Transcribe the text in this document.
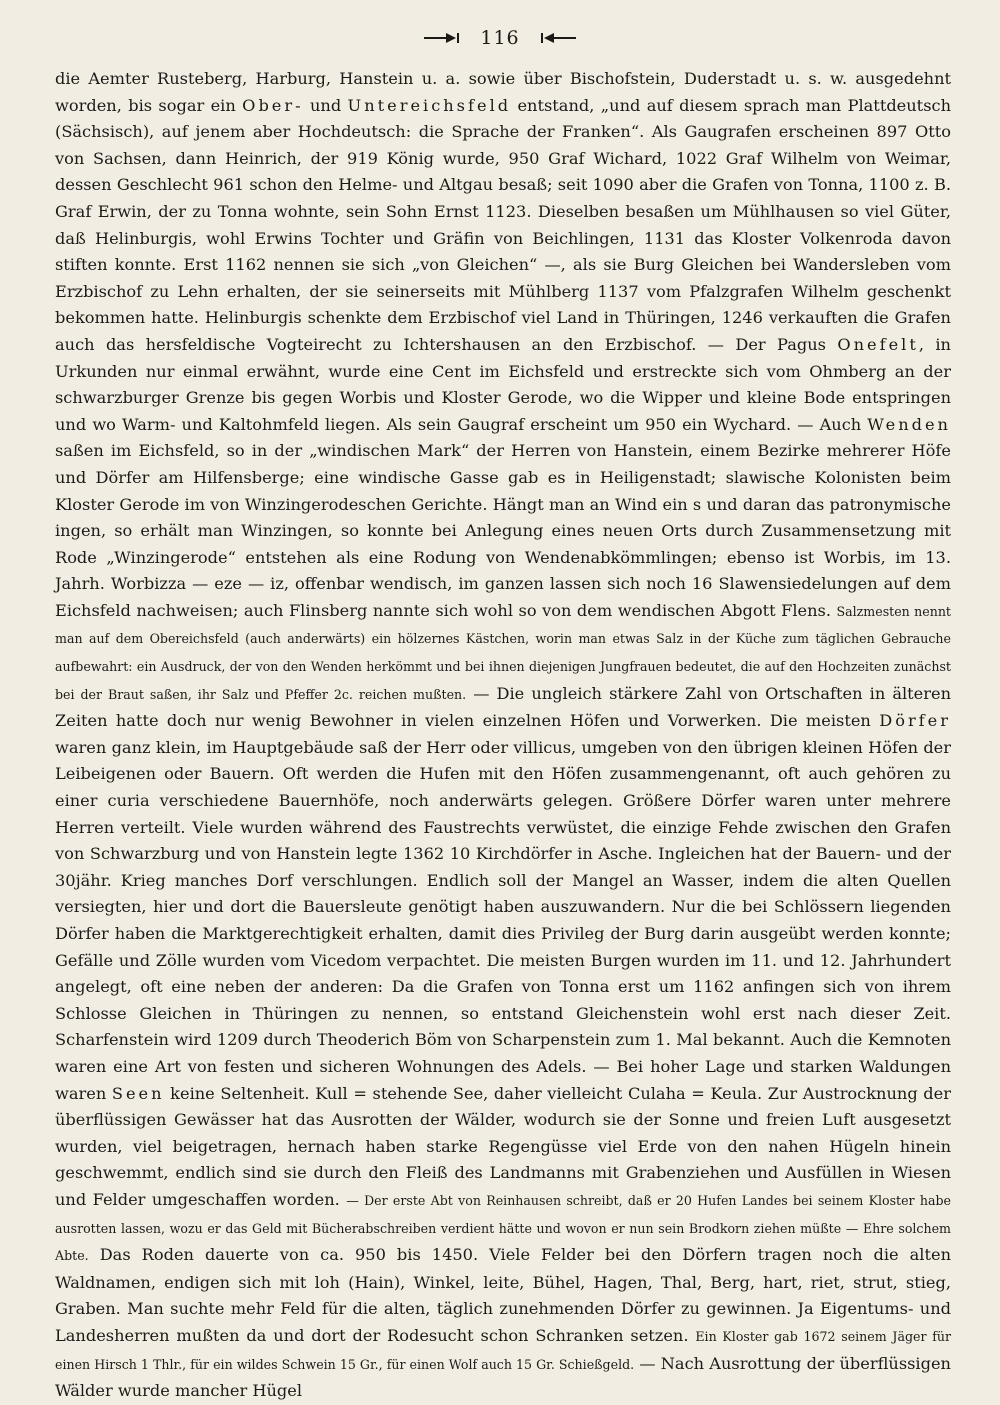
116
die Aemter Rusteberg, Harburg, Hanstein u. a. sowie über Bischofstein, Duderstadt u. s. w. ausgedehnt worden, bis sogar ein Ober- und Untereichsfeld entstand, „und auf diesem sprach man Plattdeutsch (Sächsisch), auf jenem aber Hochdeutsch: die Sprache der Franken“. Als Gaugrafen erscheinen 897 Otto von Sachsen, dann Heinrich, der 919 König wurde, 950 Graf Wichard, 1022 Graf Wilhelm von Weimar, dessen Geschlecht 961 schon den Helme- und Altgau besaß; seit 1090 aber die Grafen von Tonna, 1100 z. B. Graf Erwin, der zu Tonna wohnte, sein Sohn Ernst 1123. Dieselben besaßen um Mühlhausen so viel Güter, daß Helinburgis, wohl Erwins Tochter und Gräfin von Beichlingen, 1131 das Kloster Volkenroda davon stiften konnte. Erst 1162 nennen sie sich „von Gleichen“ —, als sie Burg Gleichen bei Wandersleben vom Erzbischof zu Lehn erhalten, der sie seinerseits mit Mühlberg 1137 vom Pfalzgrafen Wilhelm geschenkt bekommen hatte. Helinburgis schenkte dem Erzbischof viel Land in Thüringen, 1246 verkauften die Grafen auch das hersfeldische Vogteirecht zu Ichtershausen an den Erzbischof. — Der Pagus Onefelt, in Urkunden nur einmal erwähnt, wurde eine Cent im Eichsfeld und erstreckte sich vom Ohmberg an der schwarzburger Grenze bis gegen Worbis und Kloster Gerode, wo die Wipper und kleine Bode entspringen und wo Warm- und Kaltohmfeld liegen. Als sein Gaugraf erscheint um 950 ein Wychard. — Auch Wenden saßen im Eichsfeld, so in der „windischen Mark“ der Herren von Hanstein, einem Bezirke mehrerer Höfe und Dörfer am Hilfensberge; eine windische Gasse gab es in Heiligenstadt; slawische Kolonisten beim Kloster Gerode im von Winzingerodeschen Gerichte. Hängt man an Wind ein s und daran das patronymische ingen, so erhält man Winzingen, so konnte bei Anlegung eines neuen Orts durch Zusammensetzung mit Rode „Winzingerode“ entstehen als eine Rodung von Wendenabkömmlingen; ebenso ist Worbis, im 13. Jahrh. Worbizza — eze — iz, offenbar wendisch, im ganzen lassen sich noch 16 Slawensiedelungen auf dem Eichsfeld nachweisen; auch Flinsberg nannte sich wohl so von dem wendischen Abgott Flens. Salzmesten nennt man auf dem Obereichsfeld (auch anderwärts) ein hölzernes Kästchen, worin man etwas Salz in der Küche zum täglichen Gebrauche aufbewahrt: ein Ausdruck, der von den Wenden herkömmt und bei ihnen diejenigen Jungfrauen bedeutet, die auf den Hochzeiten zunächst bei der Braut saßen, ihr Salz und Pfeffer 2c. reichen mußten. — Die ungleich stärkere Zahl von Ortschaften in älteren Zeiten hatte doch nur wenig Bewohner in vielen einzelnen Höfen und Vorwerken. Die meisten Dörfer waren ganz klein, im Hauptgebäude saß der Herr oder villicus, umgeben von den übrigen kleinen Höfen der Leibeigenen oder Bauern. Oft werden die Hufen mit den Höfen zusammengenannt, oft auch gehören zu einer curia verschiedene Bauernhöfe, noch anderwärts gelegen. Größere Dörfer waren unter mehrere Herren verteilt. Viele wurden während des Faustrechts verwüstet, die einzige Fehde zwischen den Grafen von Schwarzburg und von Hanstein legte 1362 10 Kirchdörfer in Asche. Ingleichen hat der Bauern- und der 30jähr. Krieg manches Dorf verschlungen. Endlich soll der Mangel an Wasser, indem die alten Quellen versiegten, hier und dort die Bauersleute genötigt haben auszuwandern. Nur die bei Schlössern liegenden Dörfer haben die Marktgerechtigkeit erhalten, damit dies Privileg der Burg darin ausgeübt werden konnte; Gefälle und Zölle wurden vom Vicedom verpachtet. Die meisten Burgen wurden im 11. und 12. Jahrhundert angelegt, oft eine neben der anderen: Da die Grafen von Tonna erst um 1162 anfingen sich von ihrem Schlosse Gleichen in Thüringen zu nennen, so entstand Gleichenstein wohl erst nach dieser Zeit. Scharfenstein wird 1209 durch Theoderich Böm von Scharpenstein zum 1. Mal bekannt. Auch die Kemnoten waren eine Art von festen und sicheren Wohnungen des Adels. — Bei hoher Lage und starken Waldungen waren Seen keine Seltenheit. Kull = stehende See, daher vielleicht Culaha = Keula. Zur Austrocknung der überflüssigen Gewässer hat das Ausrotten der Wälder, wodurch sie der Sonne und freien Luft ausgesetzt wurden, viel beigetragen, hernach haben starke Regengüsse viel Erde von den nahen Hügeln hinein geschwemmt, endlich sind sie durch den Fleiß des Landmanns mit Grabenziehen und Ausfüllen in Wiesen und Felder umgeschaffen worden. — Der erste Abt von Reinhausen schreibt, daß er 20 Hufen Landes bei seinem Kloster habe ausrotten lassen, wozu er das Geld mit Bücherabschreiben verdient hätte und wovon er nun sein Brodkorn ziehen müßte — Ehre solchem Abte. Das Roden dauerte von ca. 950 bis 1450. Viele Felder bei den Dörfern tragen noch die alten Waldnamen, endigen sich mit loh (Hain), Winkel, leite, Bühel, Hagen, Thal, Berg, hart, riet, strut, stieg, Graben. Man suchte mehr Feld für die alten, täglich zunehmenden Dörfer zu gewinnen. Ja Eigentums- und Landesherren mußten da und dort der Rodesucht schon Schranken setzen. Ein Kloster gab 1672 seinem Jäger für einen Hirsch 1 Thlr., für ein wildes Schwein 15 Gr., für einen Wolf auch 15 Gr. Schießgeld. — Nach Ausrottung der überflüssigen Wälder wurde mancher Hügel
